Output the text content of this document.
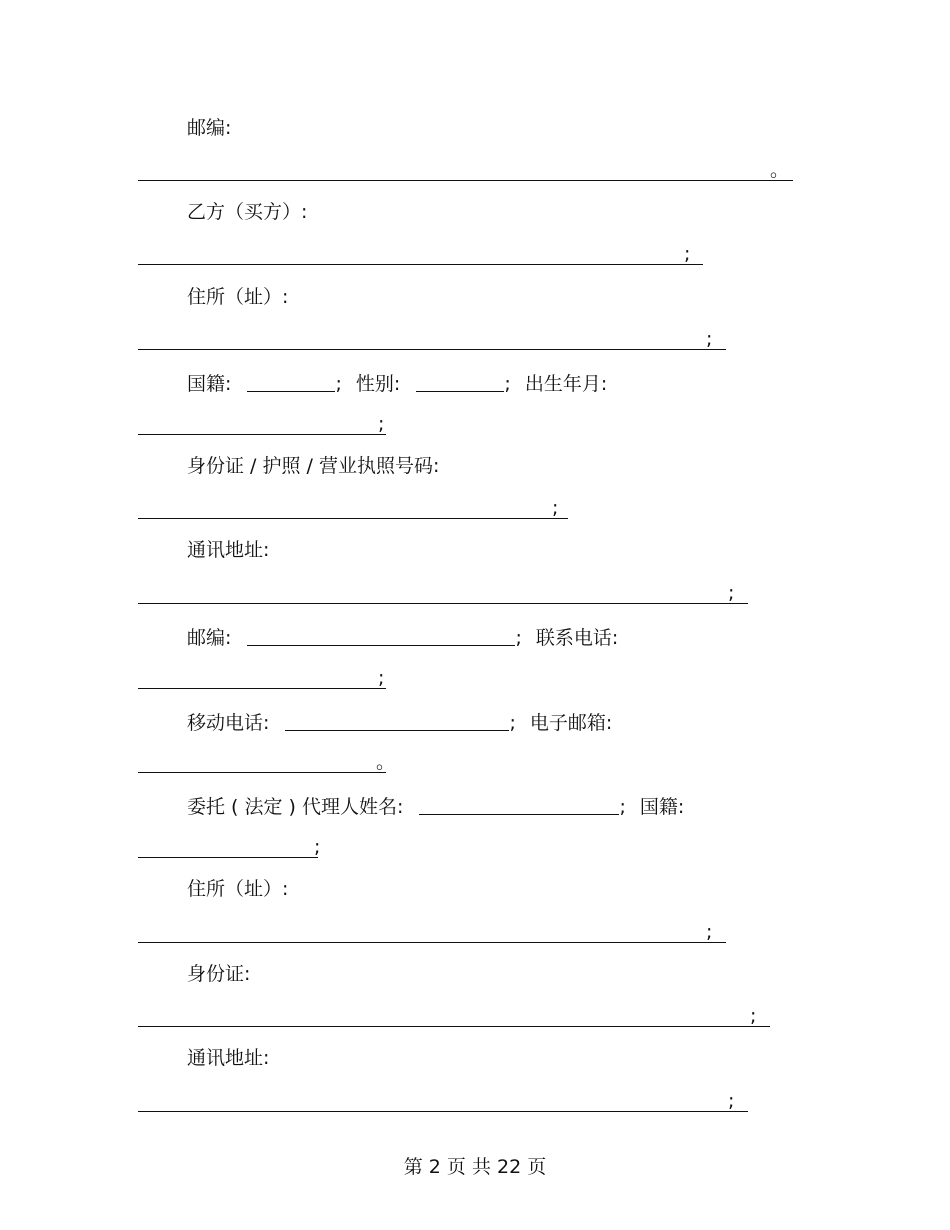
邮编:
。
乙方（买方）:
;
住所（址）:
;
国籍:	; 性别:	; 出生年月:
;
身份证 / 护照 / 营业执照号码:
;
通讯地址:
;
邮编:	; 联系电话:
;
移动电话:	; 电子邮箱:
。
委托 ( 法定 ) 代理人姓名:	; 国籍:
;
住所（址）:
;
身份证:
;
通讯地址:
;
第 2 页 共 22 页
